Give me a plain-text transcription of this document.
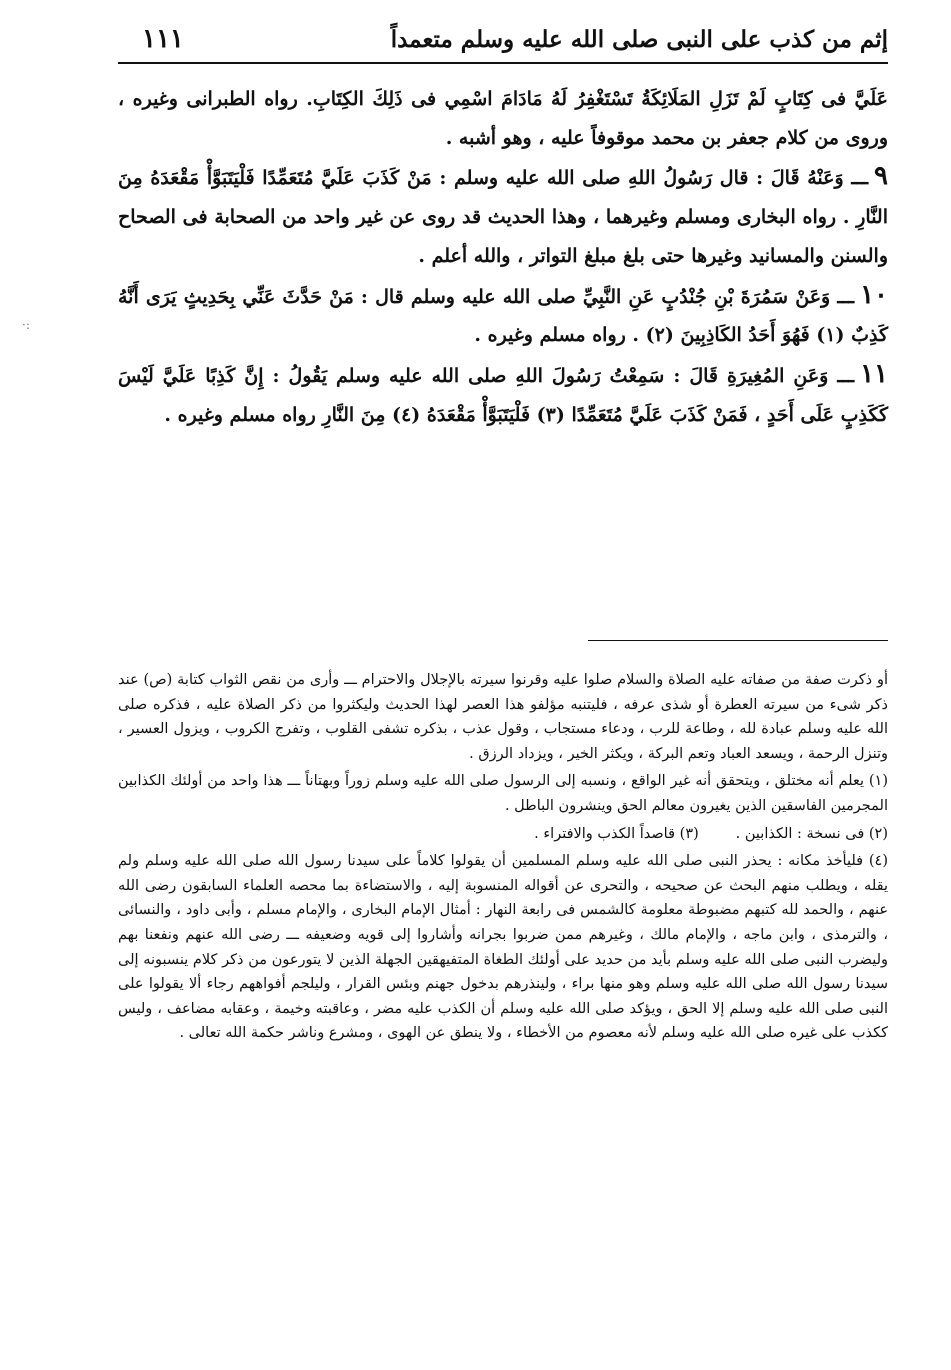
إثم من كذب على النبى صلى الله عليه وسلم متعمداً
١١١

عَلَيَّ فى كِتَابٍ لَمْ تَزَلِ المَلَائِكَةُ تَسْتَغْفِرُ لَهُ مَادَامَ اسْمِي فى ذَلِكَ الكِتَابِ. رواه الطبرانى وغيره ، وروى من كلام جعفر بن محمد موقوفاً عليه ، وهو أشبه .

٩ـــ وَعَنْهُ قَالَ : قال رَسُولُ اللهِ صلى الله عليه وسلم : مَنْ كَذَبَ عَلَيَّ مُتَعَمِّدًا فَلْيَتَبَوَّأْ مَقْعَدَهُ مِنَ النَّارِ . رواه البخارى ومسلم وغيرهما ، وهذا الحديث قد روى عن غير واحد من الصحابة فى الصحاح والسنن والمسانيد وغيرها حتى بلغ مبلغ التواتر ، والله أعلم .

١٠ـــ وَعَنْ سَمُرَةَ بْنِ جُنْدُبٍ عَنِ النَّبِيِّ صلى الله عليه وسلم قال : مَنْ حَدَّثَ عَنِّي بِحَدِيثٍ يَرَى أَنَّهُ كَذِبٌ (١) فَهُوَ أَحَدُ الكَاذِبِينَ (٢) . رواه مسلم وغيره .

١١ـــ وَعَنِ المُغِيرَةِ قَالَ : سَمِعْتُ رَسُولَ اللهِ صلى الله عليه وسلم يَقُولُ : إِنَّ كَذِبًا عَلَيَّ لَيْسَ كَكَذِبٍ عَلَى أَحَدٍ ، فَمَنْ كَذَبَ عَلَيَّ مُتَعَمِّدًا (٣) فَلْيَتَبَوَّأْ مَقْعَدَهُ (٤) مِنَ النَّارِ رواه مسلم وغيره .

أو ذكرت صفة من صفاته عليه الصلاة والسلام صلوا عليه وقرنوا سيرته بالإجلال والاحترام ـــ وأرى من نقص الثواب كتابة (ص) عند ذكر شىء من سيرته العطرة أو شذى عرفه ، فليتنبه مؤلفو هذا العصر لهذا الحديث وليكثروا من ذكر الصلاة عليه ، فذكره صلى الله عليه وسلم عبادة لله ، وطاعة للرب ، ودعاء مستجاب ، وقول عذب ، بذكره تشفى القلوب ، وتفرج الكروب ، ويزول العسير ، وتنزل الرحمة ، ويسعد العباد وتعم البركة ، ويكثر الخير ، ويزداد الرزق .

(١) يعلم أنه مختلق ، ويتحقق أنه غير الواقع ، ونسبه إلى الرسول صلى الله عليه وسلم زوراً وبهتاناً ـــ هذا واحد من أولئك الكذابين المجرمين الفاسقين الذين يغيرون معالم الحق وينشرون الباطل .

(٢) فى نسخة : الكذابين .        (٣) قاصداً الكذب والافتراء .

(٤) فليأخذ مكانه : يحذر النبى صلى الله عليه وسلم المسلمين أن يقولوا كلاماً على سيدنا رسول الله صلى الله عليه وسلم ولم يقله ، ويطلب منهم البحث عن صحيحه ، والتحرى عن أقواله المنسوبة إليه ، والاستضاءة بما محصه العلماء السابقون رضى الله عنهم ، والحمد لله كتبهم مضبوطة معلومة كالشمس فى رابعة النهار : أمثال الإمام البخارى ، والإمام مسلم ، وأبى داود ، والنسائى ، والترمذى ، وابن ماجه ، والإمام مالك ، وغيرهم ممن ضربوا بجرانه وأشاروا إلى قويه وضعيفه ـــ رضى الله عنهم ونفعنا بهم وليضرب النبى صلى الله عليه وسلم بأيد من حديد على أولئك الطغاة المتفيهقين الجهلة الذين لا يتورعون من ذكر كلام ينسبونه إلى سيدنا رسول الله صلى الله عليه وسلم وهو منها براء ، ولينذرهم بدخول جهنم وبئس القرار ، وليلجم أفواههم رجاء ألا يقولوا على النبى صلى الله عليه وسلم إلا الحق ، ويؤكد صلى الله عليه وسلم أن الكذب عليه مضر ، وعاقبته وخيمة ، وعقابه مضاعف ، وليس ككذب على غيره صلى الله عليه وسلم لأنه معصوم من الأخطاء ، ولا ينطق عن الهوى ، ومشرع وناشر حكمة الله تعالى .

·:
